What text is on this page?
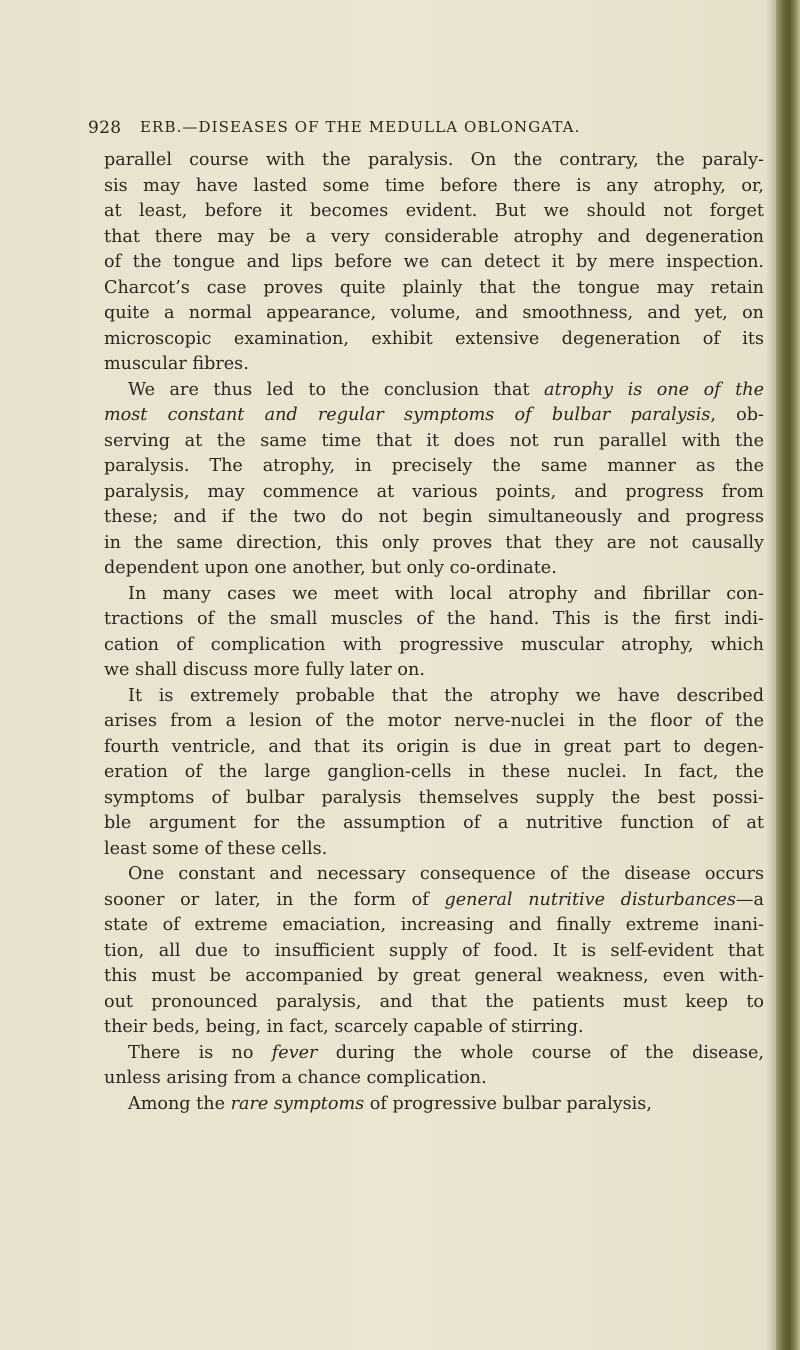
928 ERB.—DISEASES OF THE MEDULLA OBLONGATA.
parallel course with the paralysis. On the contrary, the paraly-
sis may have lasted some time before there is any atrophy, or,
at least, before it becomes evident. But we should not forget
that there may be a very considerable atrophy and degeneration
of the tongue and lips before we can detect it by mere inspection.
Charcot’s case proves quite plainly that the tongue may retain
quite a normal appearance, volume, and smoothness, and yet, on
microscopic examination, exhibit extensive degeneration of its
muscular fibres.
We are thus led to the conclusion that atrophy is one of the
most constant and regular symptoms of bulbar paralysis, ob-
serving at the same time that it does not run parallel with the
paralysis. The atrophy, in precisely the same manner as the
paralysis, may commence at various points, and progress from
these; and if the two do not begin simultaneously and progress
in the same direction, this only proves that they are not causally
dependent upon one another, but only co-ordinate.
In many cases we meet with local atrophy and fibrillar con-
tractions of the small muscles of the hand. This is the first indi-
cation of complication with progressive muscular atrophy, which
we shall discuss more fully later on.
It is extremely probable that the atrophy we have described
arises from a lesion of the motor nerve-nuclei in the floor of the
fourth ventricle, and that its origin is due in great part to degen-
eration of the large ganglion-cells in these nuclei. In fact, the
symptoms of bulbar paralysis themselves supply the best possi-
ble argument for the assumption of a nutritive function of at
least some of these cells.
One constant and necessary consequence of the disease occurs
sooner or later, in the form of general nutritive disturbances—a
state of extreme emaciation, increasing and finally extreme inani-
tion, all due to insufficient supply of food. It is self-evident that
this must be accompanied by great general weakness, even with-
out pronounced paralysis, and that the patients must keep to
their beds, being, in fact, scarcely capable of stirring.
There is no fever during the whole course of the disease,
unless arising from a chance complication.
Among the rare symptoms of progressive bulbar paralysis,
